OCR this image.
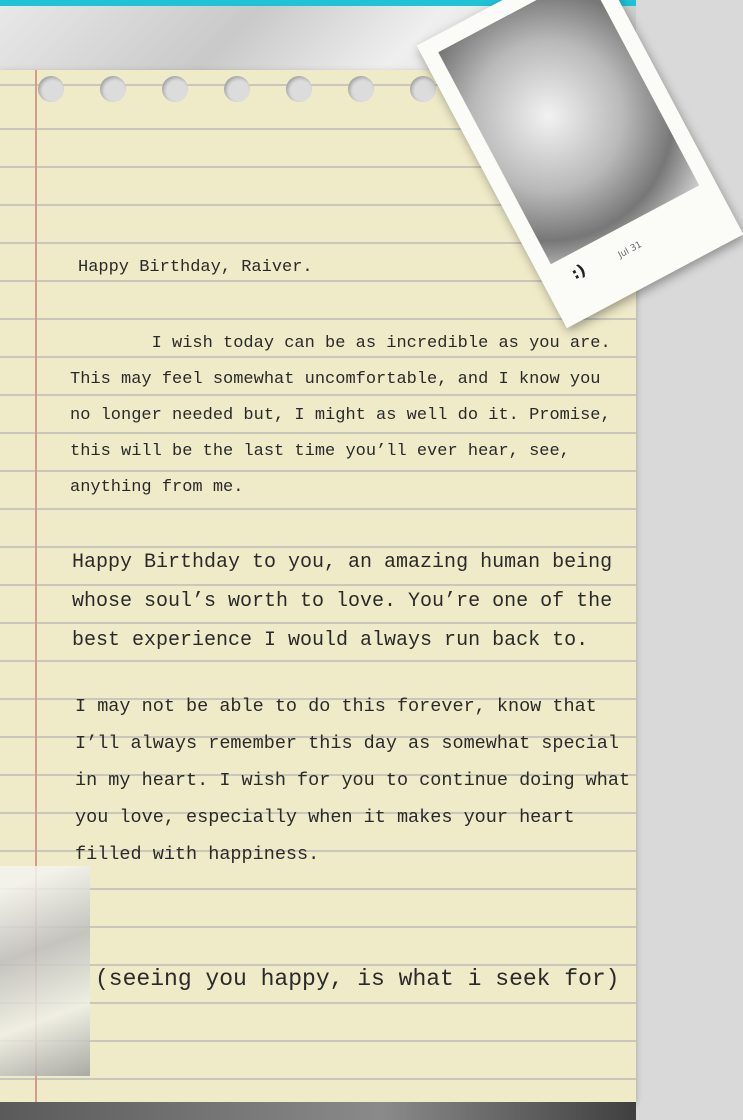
:)
Jul 31
Happy Birthday, Raiver.
I wish today can be as incredible as you are.
This may feel somewhat uncomfortable, and I know you
no longer needed but, I might as well do it. Promise,
this will be the last time you’ll ever hear, see,
anything from me.
Happy Birthday to you, an amazing human being
whose soul’s worth to love. You’re one of the
best experience I would always run back to.
I may not be able to do this forever, know that
I’ll always remember this day as somewhat special
in my heart. I wish for you to continue doing what
you love, especially when it makes your heart
filled with happiness.
(seeing you happy, is what i seek for)
